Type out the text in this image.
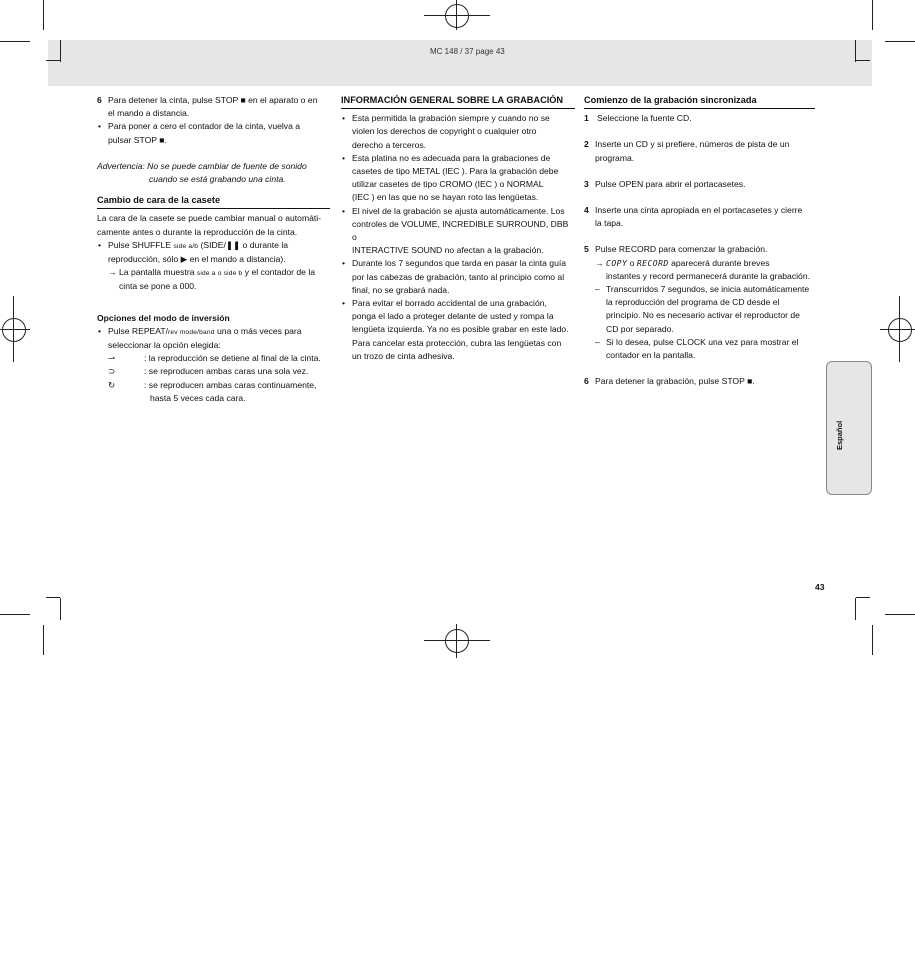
MC 148 / 37 page 43
6 Para detener la cinta, pulse STOP ■ en el aparato o en

el mando a distancia.

• Para poner a cero el contador de la cinta, vuelva a

pulsar STOP ■.

Advertencia: No se puede cambiar de fuente de sonido

cuando se está grabando una cinta.

Cambio de cara de la casete

La cara de la casete se puede cambiar manual o automáti-

camente antes o durante la reproducción de la cinta.

• Pulse SHUFFLE side a/b (SIDE/❚❚ o durante la

reproducción, sólo ▶ en el mando a distancia).

→ La pantalla muestra side a o side b y el contador de la

cinta se pone a 000.

Opciones del modo de inversión
• Pulse REPEAT/rev mode/band una o más veces para

seleccionar la opción elegida:

⇀	: la reproducción se detiene al final de la cinta.

⊃	: se reproducen ambas caras una sola vez.

↻	: se reproducen ambas caras continuamente,

hasta 5 veces cada cara.

INFORMACIÓN GENERAL SOBRE LA GRABACIÓN
• Esta permitida la grabación siempre y cuando no se

violen los derechos de copyright o cualquier otro

derecho a terceros.

• Esta platina no es adecuada para la grabaciones de

casetes de tipo METAL (IEC ). Para la grabación debe

utilizar casetes de tipo CROMO (IEC ) o NORMAL

(IEC ) en las que no se hayan roto las lengüetas.

• El nivel de la grabación se ajusta automáticamente. Los

controles de VOLUME, INCREDIBLE SURROUND, DBB o

INTERACTIVE SOUND no afectan a la grabación.

• Durante los 7 segundos que tarda en pasar la cinta guía

por las cabezas de grabación, tanto al principio como al

final, no se grabará nada.

• Para evitar el borrado accidental de una grabación,

ponga el lado a proteger delante de usted y rompa la

lengüeta izquierda. Ya no es posible grabar en este lado.

Para cancelar esta protección, cubra las lengüetas con

un trozo de cinta adhesiva.

Comienzo de la grabación sincronizada
1 Seleccione la fuente CD.

2 Inserte un CD y si prefiere, números de pista de un

programa.

3 Pulse OPEN para abrir el portacasetes.

4 Inserte una cinta apropiada en el portacasetes y cierre

la tapa.

5 Pulse RECORD para comenzar la grabación.

→ COPY o RECORD aparecerá durante breves

instantes y record permanecerá durante la grabación.

– Transcurridos 7 segundos, se inicia automáticamente

la reproducción del programa de CD desde el

principio. No es necesario activar el reproductor de

CD por separado.

– Si lo desea, pulse CLOCK una vez para mostrar el

contador en la pantalla.

6 Para detener la grabación, pulse STOP ■.

Español
43
